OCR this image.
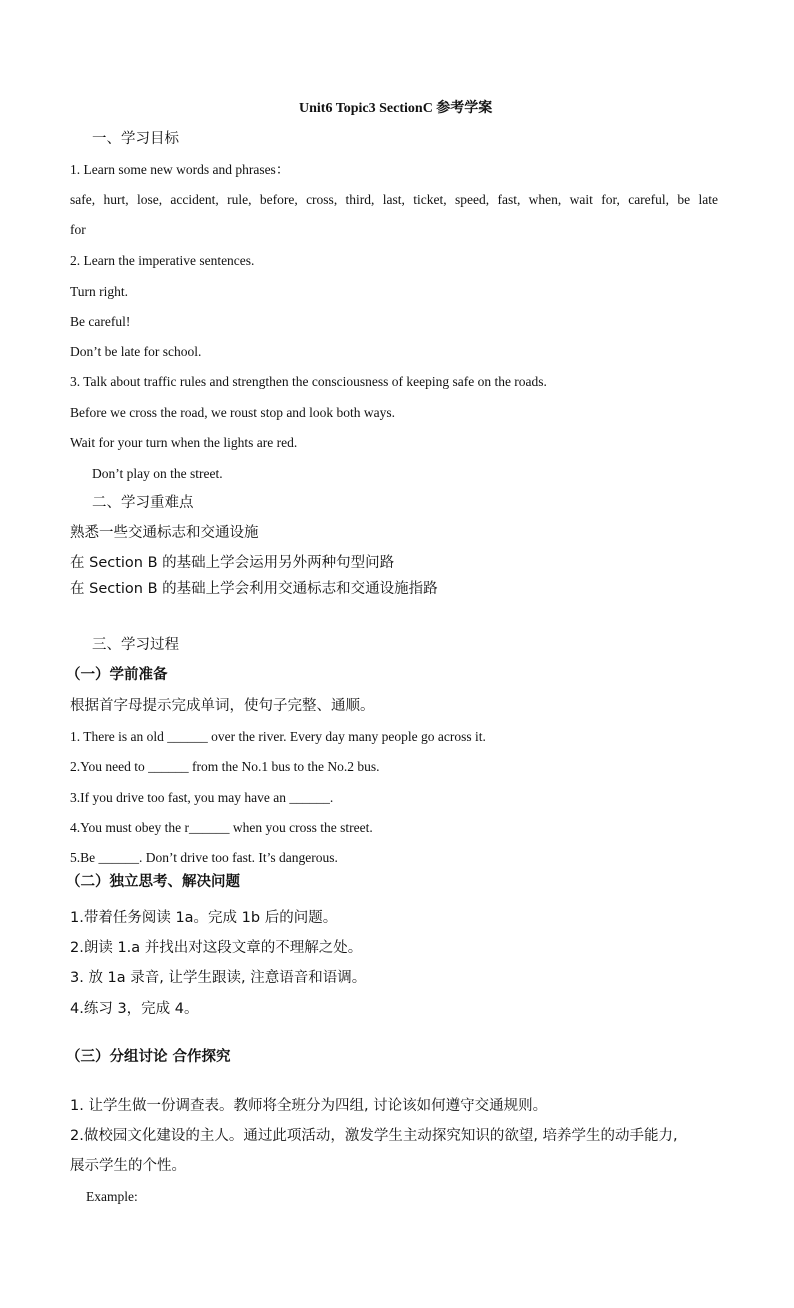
Unit6 Topic3 SectionC 参考学案
一、学习目标
1. Learn some new words and phrases：
safe, hurt, lose, accident, rule, before, cross, third, last, ticket, speed, fast, when, wait for, careful, be late
for
2. Learn the imperative sentences.
Turn right.
Be careful!
Don’t be late for school.
3. Talk about traffic rules and strengthen the consciousness of keeping safe on the roads.
Before we cross the road, we roust stop and look both ways.
Wait for your turn when the lights are red.
Don’t play on the street.
二、学习重难点
熟悉一些交通标志和交通设施
在 Section B 的基础上学会运用另外两种句型问路
在 Section B 的基础上学会利用交通标志和交通设施指路
三、学习过程
（一）学前准备
根据首字母提示完成单词，使句子完整、通顺。
1. There is an old ______ over the river. Every day many people go across it.
2.You need to ______ from the No.1 bus to the No.2 bus.
3.If you drive too fast, you may have an ______.
4.You must obey the r______ when you cross the street.
5.Be ______. Don’t drive too fast. It’s dangerous.
（二）独立思考、解决问题
1.带着任务阅读 1a。完成 1b 后的问题。
2.朗读 1.a 并找出对这段文章的不理解之处。
3. 放 1a 录音, 让学生跟读, 注意语音和语调。
4.练习 3，完成 4。
（三）分组讨论 合作探究
1. 让学生做一份调查表。教师将全班分为四组, 讨论该如何遵守交通规则。
2.做校园文化建设的主人。通过此项活动，激发学生主动探究知识的欲望, 培养学生的动手能力,
展示学生的个性。
Example:
